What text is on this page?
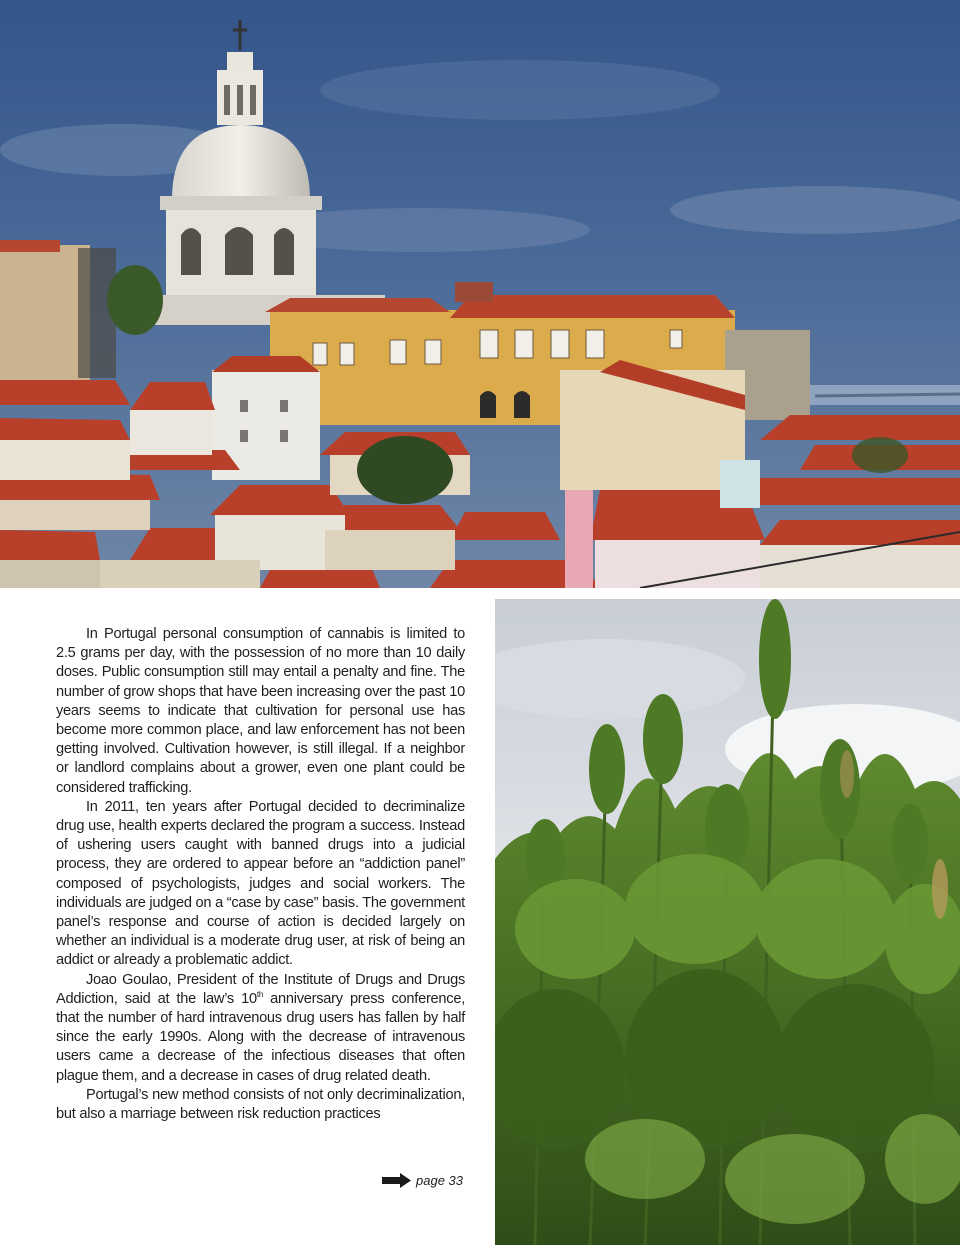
In Portugal personal consumption of cannabis is limited to 2.5 grams per day, with the possession of no more than 10 daily doses. Public consumption still may entail a penalty and fine. The number of grow shops that have been increasing over the past 10 years seems to indicate that cultivation for personal use has become more common place, and law enforcement has not been getting involved. Cultivation however, is still illegal. If a neighbor or landlord complains about a grower, even one plant could be considered trafficking.

In 2011, ten years after Portugal decided to decriminalize drug use, health experts declared the program a success. Instead of ushering users caught with banned drugs into a judicial process, they are ordered to appear before an “addiction panel” composed of psychologists, judges and social workers. The individuals are judged on a “case by case” basis. The government panel’s response and course of action is decided largely on whether an individual is a moderate drug user, at risk of being an addict or already a problematic addict.

Joao Goulao, President of the Institute of Drugs and Drugs Addiction, said at the law’s 10th anniversary press conference, that the number of hard intravenous drug users has fallen by half since the early 1990s. Along with the decrease of intravenous users came a decrease of the infectious diseases that often plague them, and a decrease in cases of drug related death.

Portugal’s new method consists of not only decriminalization, but also a marriage between risk reduction practices

page 33
